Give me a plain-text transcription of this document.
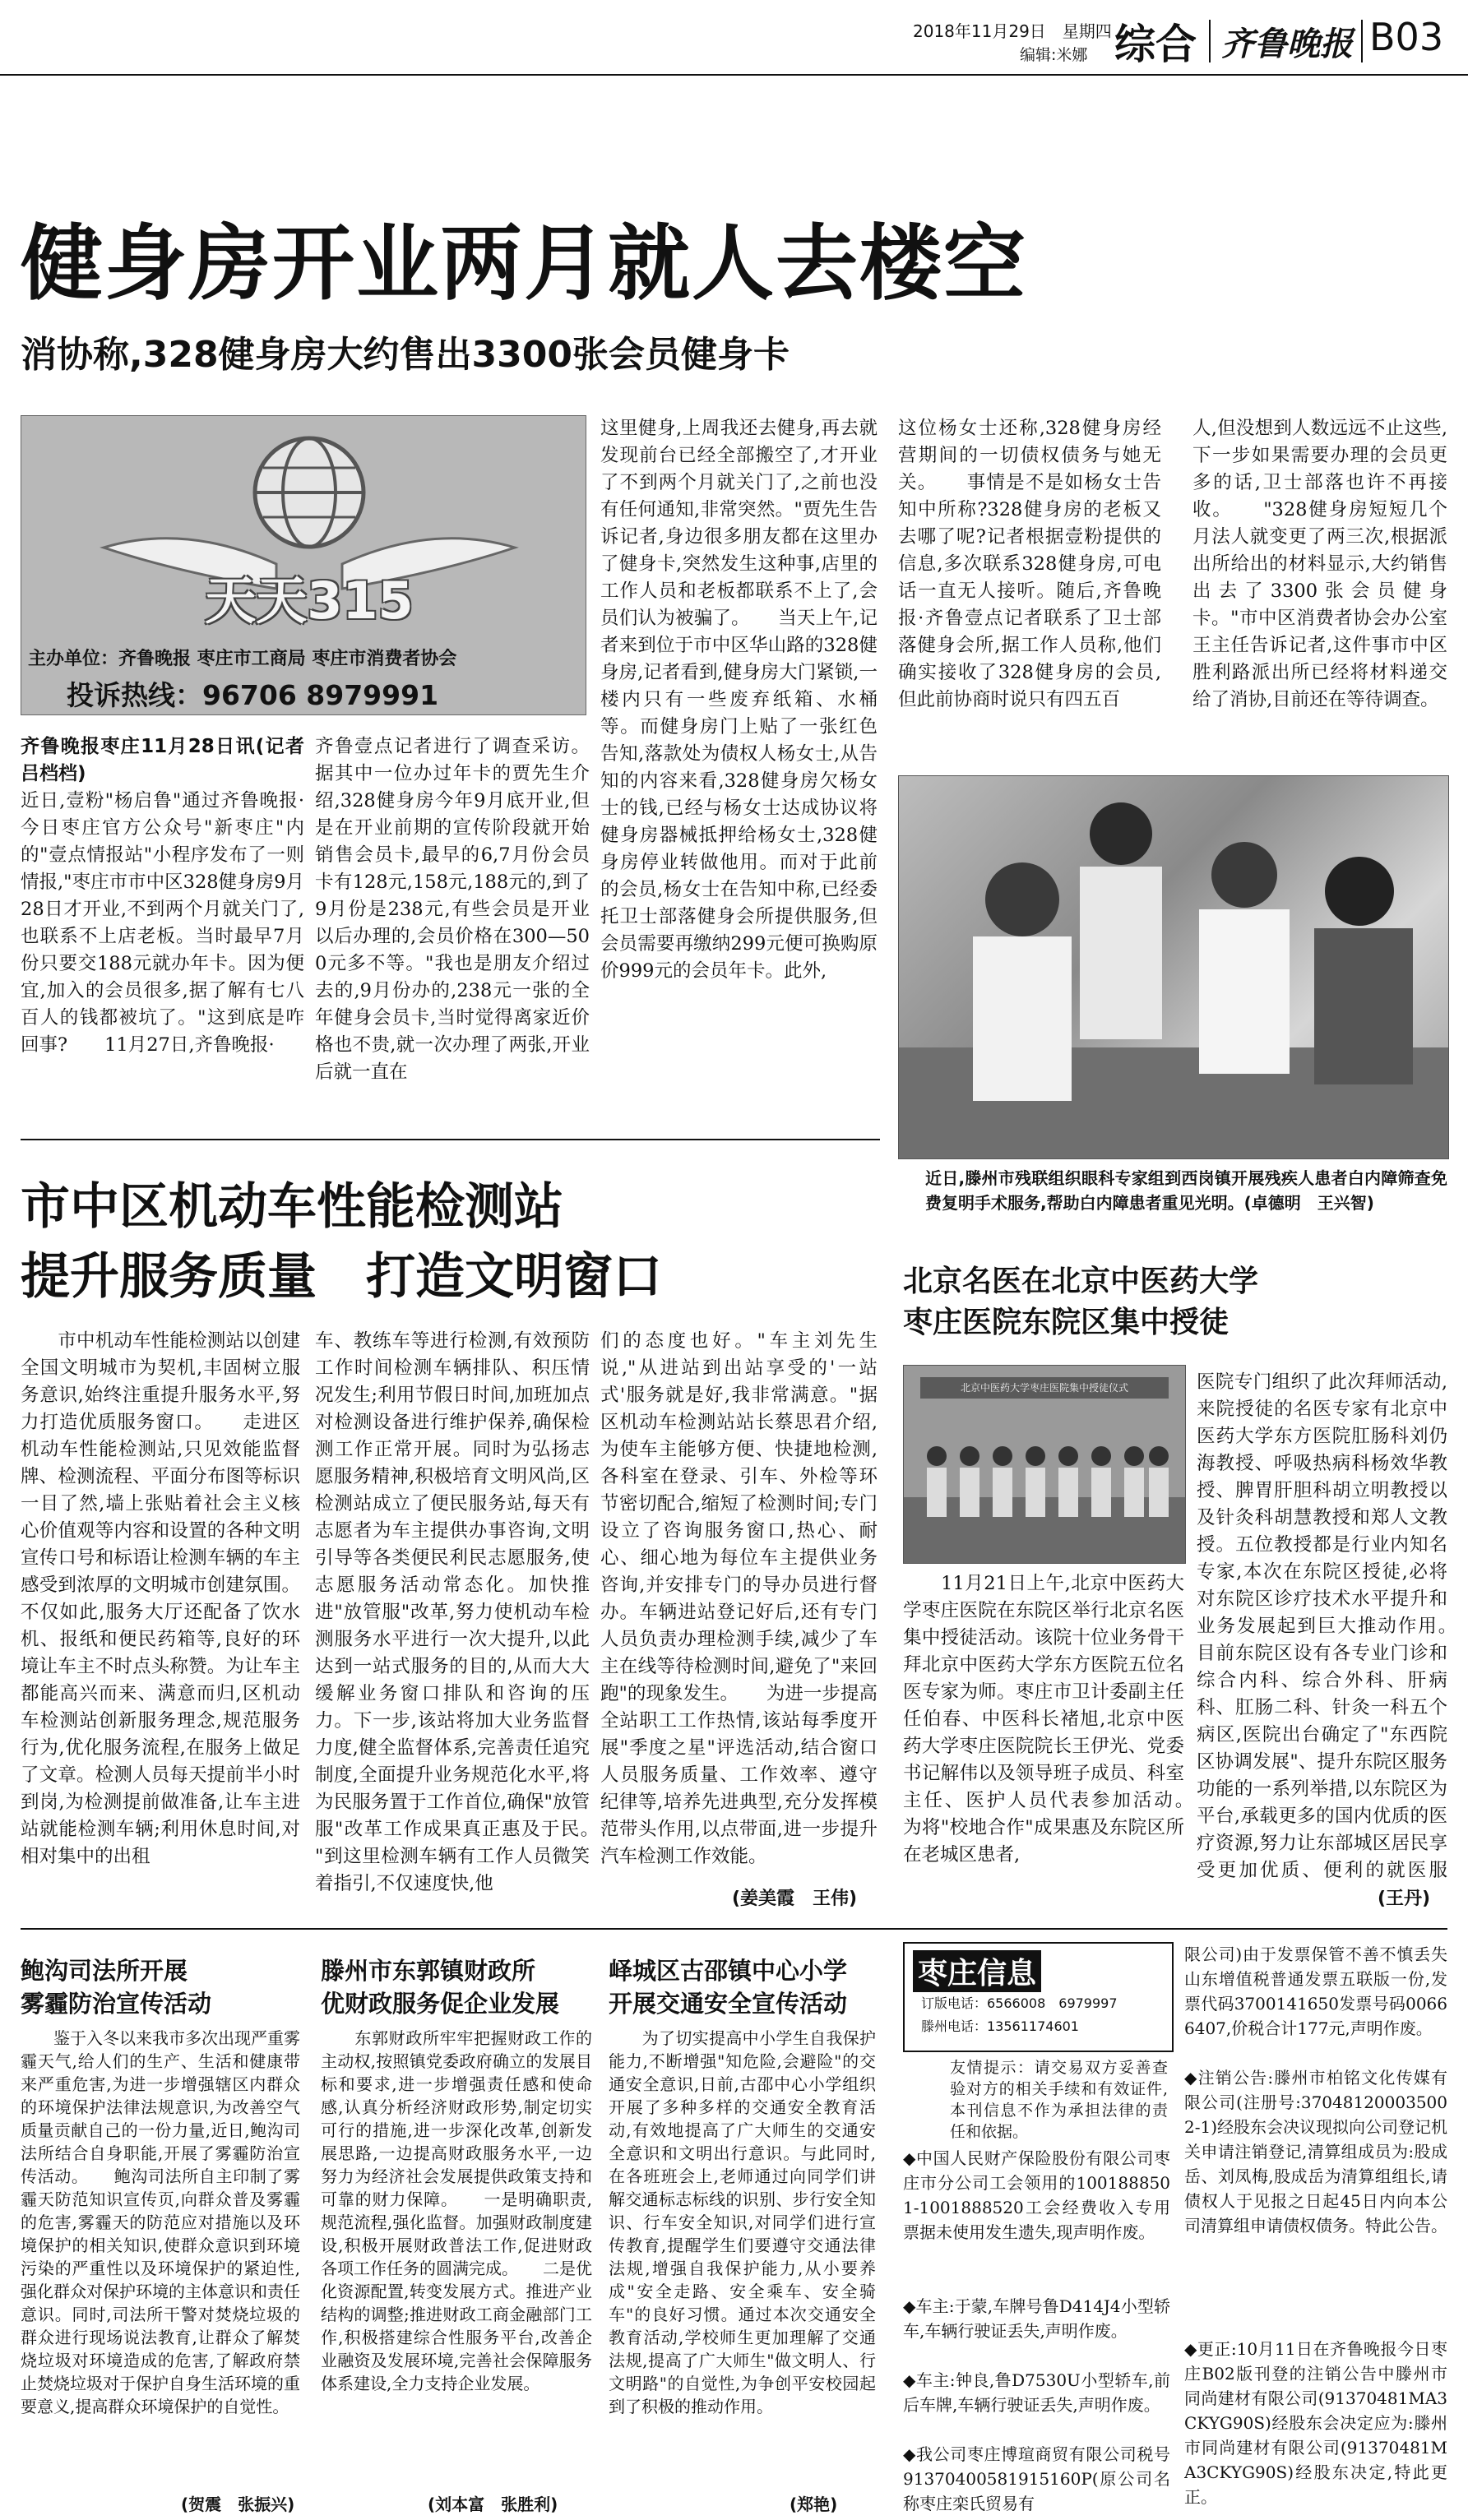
2018年11月29日　星期四
编辑:米娜 综合 齐鲁晚报 B03
健身房开业两月就人去楼空
消协称,328健身房大约售出3300张会员健身卡
天天315
主办单位：齐鲁晚报 枣庄市工商局 枣庄市消费者协会
投诉热线：96706 8979991
齐鲁晚报枣庄11月28日讯(记者　吕档档)
近日,壹粉"杨启鲁"通过齐鲁晚报·今日枣庄官方公众号"新枣庄"内的"壹点情报站"小程序发布了一则情报,"枣庄市市中区328健身房9月28日才开业,不到两个月就关门了,也联系不上店老板。当时最早7月份只要交188元就办年卡。因为便宜,加入的会员很多,据了解有七八百人的钱都被坑了。"这到底是咋回事?　　11月27日,齐鲁晚报·
齐鲁壹点记者进行了调查采访。据其中一位办过年卡的贾先生介绍,328健身房今年9月底开业,但是在开业前期的宣传阶段就开始销售会员卡,最早的6,7月份会员卡有128元,158元,188元的,到了9月份是238元,有些会员是开业以后办理的,会员价格在300—500元多不等。"我也是朋友介绍过去的,9月份办的,238元一张的全年健身会员卡,当时觉得离家近价格也不贵,就一次办理了两张,开业后就一直在
这里健身,上周我还去健身,再去就发现前台已经全部搬空了,才开业了不到两个月就关门了,之前也没有任何通知,非常突然。"贾先生告诉记者,身边很多朋友都在这里办了健身卡,突然发生这种事,店里的工作人员和老板都联系不上了,会员们认为被骗了。　　当天上午,记者来到位于市中区华山路的328健身房,记者看到,健身房大门紧锁,一楼内只有一些废弃纸箱、水桶等。而健身房门上贴了一张红色告知,落款处为债权人杨女士,从告知的内容来看,328健身房欠杨女士的钱,已经与杨女士达成协议将健身房器械抵押给杨女士,328健身房停业转做他用。而对于此前的会员,杨女士在告知中称,已经委托卫士部落健身会所提供服务,但会员需要再缴纳299元便可换购原价999元的会员年卡。此外,
这位杨女士还称,328健身房经营期间的一切债权债务与她无关。　　事情是不是如杨女士告知中所称?328健身房的老板又去哪了呢?记者根据壹粉提供的信息,多次联系328健身房,可电话一直无人接听。随后,齐鲁晚报·齐鲁壹点记者联系了卫士部落健身会所,据工作人员称,他们确实接收了328健身房的会员,但此前协商时说只有四五百
人,但没想到人数远远不止这些,下一步如果需要办理的会员更多的话,卫士部落也许不再接收。　　"328健身房短短几个月法人就变更了两三次,根据派出所给出的材料显示,大约销售出去了3300张会员健身卡。"市中区消费者协会办公室王主任告诉记者,这件事市中区胜利路派出所已经将材料递交给了消协,目前还在等待调查。
近日,滕州市残联组织眼科专家组到西岗镇开展残疾人患者白内障筛查免费复明手术服务,帮助白内障患者重见光明。(卓德明　王兴智)
市中区机动车性能检测站
提升服务质量　打造文明窗口
　　市中机动车性能检测站以创建全国文明城市为契机,丰固树立服务意识,始终注重提升服务水平,努力打造优质服务窗口。　　走进区机动车性能检测站,只见效能监督牌、检测流程、平面分布图等标识一目了然,墙上张贴着社会主义核心价值观等内容和设置的各种文明宣传口号和标语让检测车辆的车主感受到浓厚的文明城市创建氛围。不仅如此,服务大厅还配备了饮水机、报纸和便民药箱等,良好的环境让车主不时点头称赞。为让车主都能高兴而来、满意而归,区机动车检测站创新服务理念,规范服务行为,优化服务流程,在服务上做足了文章。检测人员每天提前半小时到岗,为检测提前做准备,让车主进站就能检测车辆;利用休息时间,对相对集中的出租
车、教练车等进行检测,有效预防工作时间检测车辆排队、积压情况发生;利用节假日时间,加班加点对检测设备进行维护保养,确保检测工作正常开展。同时为弘扬志愿服务精神,积极培育文明风尚,区检测站成立了便民服务站,每天有志愿者为车主提供办事咨询,文明引导等各类便民利民志愿服务,使志愿服务活动常态化。加快推进"放管服"改革,努力使机动车检测服务水平进行一次大提升,以此达到一站式服务的目的,从而大大缓解业务窗口排队和咨询的压力。下一步,该站将加大业务监督力度,健全监督体系,完善责任追究制度,全面提升业务规范化水平,将为民服务置于工作首位,确保"放管服"改革工作成果真正惠及于民。　　"到这里检测车辆有工作人员微笑着指引,不仅速度快,他
们的态度也好。"车主刘先生说,"从进站到出站享受的'一站式'服务就是好,我非常满意。"据区机动车检测站站长蔡思君介绍,为使车主能够方便、快捷地检测,各科室在登录、引车、外检等环节密切配合,缩短了检测时间;专门设立了咨询服务窗口,热心、耐心、细心地为每位车主提供业务咨询,并安排专门的导办员进行督办。车辆进站登记好后,还有专门人员负责办理检测手续,减少了车主在线等待检测时间,避免了"来回跑"的现象发生。　　为进一步提高全站职工工作热情,该站每季度开展"季度之星"评选活动,结合窗口人员服务质量、工作效率、遵守纪律等,培养先进典型,充分发挥模范带头作用,以点带面,进一步提升汽车检测工作效能。
(姜美霞　王伟)
北京名医在北京中医药大学
枣庄医院东院区集中授徒
北京中医药大学枣庄医院集中授徒仪式
　　11月21日上午,北京中医药大学枣庄医院在东院区举行北京名医集中授徒活动。该院十位业务骨干拜北京中医药大学东方医院五位名医专家为师。枣庄市卫计委副主任任伯春、中医科长褚旭,北京中医药大学枣庄医院院长王伊光、党委书记解伟以及领导班子成员、科室主任、医护人员代表参加活动。　　为将"校地合作"成果惠及东院区所在老城区患者,
医院专门组织了此次拜师活动,来院授徒的名医专家有北京中医药大学东方医院肛肠科刘仍海教授、呼吸热病科杨效华教授、脾胃肝胆科胡立明教授以及针灸科胡慧教授和郑人文教授。五位教授都是行业内知名专家,本次在东院区授徒,必将对东院区诊疗技术水平提升和业务发展起到巨大推动作用。　　目前东院区设有各专业门诊和综合内科、综合外科、肝病科、肛肠二科、针灸一科五个病区,医院出台确定了"东西院区协调发展"、提升东院区服务功能的一系列举措,以东院区为平台,承载更多的国内优质的医疗资源,努力让东部城区居民享受更加优质、便利的就医服
(王丹)
鲍沟司法所开展
雾霾防治宣传活动
　　鉴于入冬以来我市多次出现严重雾霾天气,给人们的生产、生活和健康带来严重危害,为进一步增强辖区内群众的环境保护法律法规意识,为改善空气质量贡献自己的一份力量,近日,鲍沟司法所结合自身职能,开展了雾霾防治宣传活动。　　鲍沟司法所自主印制了雾霾天防范知识宣传页,向群众普及雾霾的危害,雾霾天的防范应对措施以及环境保护的相关知识,使群众意识到环境污染的严重性以及环境保护的紧迫性,强化群众对保护环境的主体意识和责任意识。同时,司法所干警对焚烧垃圾的群众进行现场说法教育,让群众了解焚烧垃圾对环境造成的危害,了解政府禁止焚烧垃圾对于保护自身生活环境的重要意义,提高群众环境保护的自觉性。
(贺震　张振兴)
滕州市东郭镇财政所
优财政服务促企业发展
　　东郭财政所牢牢把握财政工作的主动权,按照镇党委政府确立的发展目标和要求,进一步增强责任感和使命感,认真分析经济财政形势,制定切实可行的措施,进一步深化改革,创新发展思路,一边提高财政服务水平,一边努力为经济社会发展提供政策支持和可靠的财力保障。　　一是明确职责,规范流程,强化监督。加强财政制度建设,积极开展财政普法工作,促进财政各项工作任务的圆满完成。　　二是优化资源配置,转变发展方式。推进产业结构的调整;推进财政工商金融部门工作,积极搭建综合性服务平台,改善企业融资及发展环境,完善社会保障服务体系建设,全力支持企业发展。
(刘本富　张胜利)
峄城区古邵镇中心小学
开展交通安全宣传活动
　　为了切实提高中小学生自我保护能力,不断增强"知危险,会避险"的交通安全意识,日前,古邵中心小学组织开展了多种多样的交通安全教育活动,有效地提高了广大师生的交通安全意识和文明出行意识。与此同时,在各班班会上,老师通过向同学们讲解交通标志标线的识别、步行安全知识、行车安全知识,对同学们进行宣传教育,提醒学生们要遵守交通法律法规,增强自我保护能力,从小要养成"安全走路、安全乘车、安全骑车"的良好习惯。通过本次交通安全教育活动,学校师生更加理解了交通法规,提高了广大师生"做文明人、行文明路"的自觉性,为争创平安校园起到了积极的推动作用。
(郑艳)
枣庄信息
订版电话：6566008　6979997
滕州电话：13561174601
友情提示：请交易双方妥善查验对方的相关手续和有效证件,本刊信息不作为承担法律的责任和依据。
◆中国人民财产保险股份有限公司枣庄市分公司工会领用的1001888501-1001888520工会经费收入专用票据未使用发生遗失,现声明作废。
◆车主:于蒙,车牌号鲁D414J4小型轿车,车辆行驶证丢失,声明作废。
◆车主:钟良,鲁D7530U小型轿车,前后车牌,车辆行驶证丢失,声明作废。
◆我公司枣庄博瑄商贸有限公司税号91370400581915160P(原公司名称枣庄栾氏贸易有
限公司)由于发票保管不善不慎丢失山东增值税普通发票五联版一份,发票代码3700141650发票号码00666407,价税合计177元,声明作废。
◆注销公告:滕州市柏铭文化传媒有限公司(注册号:370481200035002-1)经股东会决议现拟向公司登记机关申请注销登记,清算组成员为:股成岳、刘凤梅,股成岳为清算组组长,请债权人于见报之日起45日内向本公司清算组申请债权债务。特此公告。
◆更正:10月11日在齐鲁晚报今日枣庄B02版刊登的注销公告中滕州市同尚建材有限公司(91370481MA3CKYG90S)经股东会决定应为:滕州市同尚建材有限公司(91370481MA3CKYG90S)经股东决定,特此更正。
